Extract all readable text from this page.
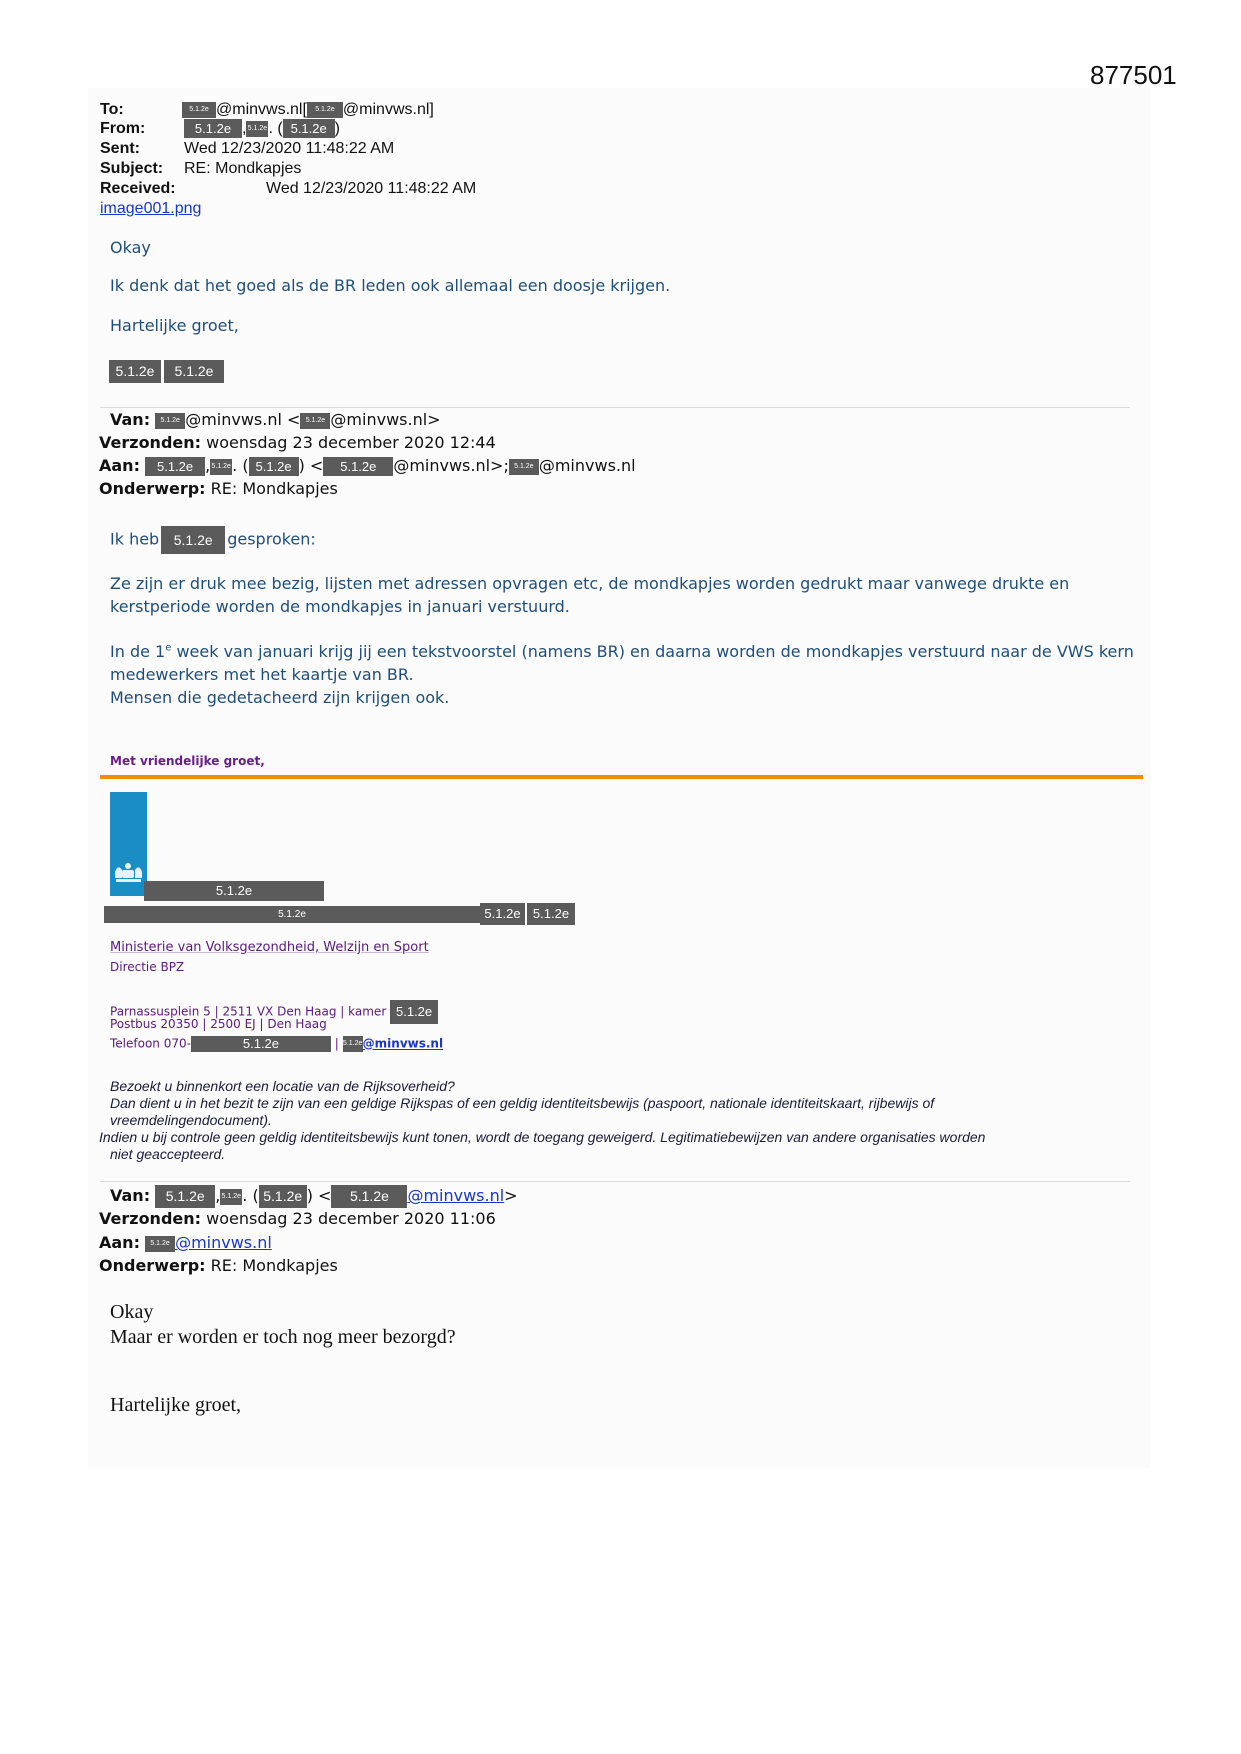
877501
To:	5.1.2e @minvws.nl[ 5.1.2e @minvws.nl]
From:	5.1.2e ,5.1.2e. ( 5.1.2e )
Sent:	Wed 12/23/2020 11:48:22 AM
Subject: RE: Mondkapjes
Received:	Wed 12/23/2020 11:48:22 AM
image001.png
Okay
Ik denk dat het goed als de BR leden ook allemaal een doosje krijgen.
Hartelijke groet,
5.1.2e 5.1.2e
Van: 5.1.2e @minvws.nl < 5.1.2e @minvws.nl>
Verzonden: woensdag 23 december 2020 12:44
Aan: 5.1.2e ,5.1.2e. ( 5.1.2e ) < 5.1.2e @minvws.nl>; 5.1.2e @minvws.nl
Onderwerp: RE: Mondkapjes
Ik heb 5.1.2e gesproken:
Ze zijn er druk mee bezig, lijsten met adressen opvragen etc, de mondkapjes worden gedrukt maar vanwege drukte en
kerstperiode worden de mondkapjes in januari verstuurd.
In de 1e week van januari krijg jij een tekstvoorstel (namens BR) en daarna worden de mondkapjes verstuurd naar de VWS kern
medewerkers met het kaartje van BR.
Mensen die gedetacheerd zijn krijgen ook.
Met vriendelijke groet,
5.1.2e
5.1.2e	5.1.2e 5.1.2e
Ministerie van Volksgezondheid, Welzijn en Sport
Directie BPZ
Parnassusplein 5 | 2511 VX Den Haag | kamer 5.1.2e
Postbus 20350 | 2500 EJ | Den Haag
Telefoon 070-	5.1.2e	| 5.1.2e@minvws.nl
Bezoekt u binnenkort een locatie van de Rijksoverheid?
Dan dient u in het bezit te zijn van een geldige Rijkspas of een geldig identiteitsbewijs (paspoort, nationale identiteitskaart, rijbewijs of
vreemdelingendocument).
Indien u bij controle geen geldig identiteitsbewijs kunt tonen, wordt de toegang geweigerd. Legitimatiebewijzen van andere organisaties worden
niet geaccepteerd.
Van: 5.1.2e ,5.1.2e. ( 5.1.2e ) < 5.1.2e @minvws.nl>
Verzonden: woensdag 23 december 2020 11:06
Aan: 5.1.2e @minvws.nl
Onderwerp: RE: Mondkapjes
Okay
Maar er worden er toch nog meer bezorgd?
Hartelijke groet,
